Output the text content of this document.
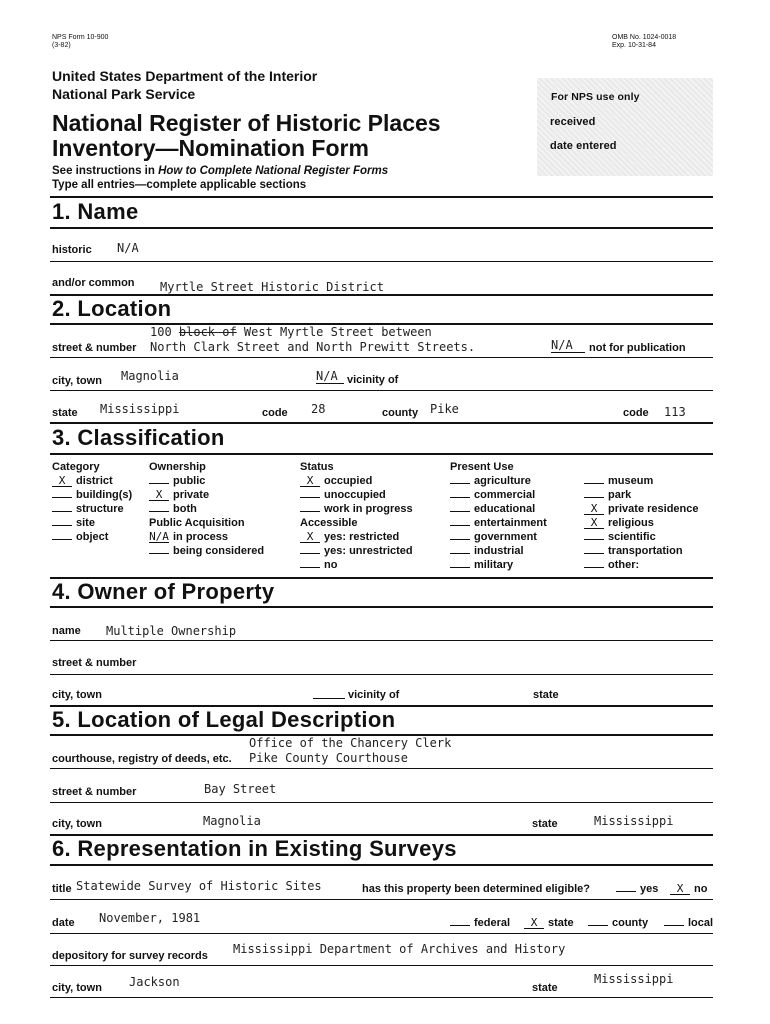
NPS Form 10-900
(3-82)
OMB No. 1024-0018
Exp. 10-31-84
United States Department of the Interior
National Park Service
National Register of Historic Places
Inventory—Nomination Form
See instructions in How to Complete National Register Forms
Type all entries—complete applicable sections
For NPS use only
received
date entered
1. Name
historic N/A
and/or common Myrtle Street Historic District
2. Location
100 block of West Myrtle Street between
street & number North Clark Street and North Prewitt Streets.	N/A	not for publication
city, town Magnolia	N/A vicinity of
state Mississippi	code 28	county Pike	code 113
3. Classification
Category
X district
building(s)
structure
site
object
Ownership
public
X private
both
Public Acquisition
N/A in process
being considered
Status
X occupied
unoccupied
work in progress
Accessible
X yes: restricted
yes: unrestricted
no
Present Use
agriculture
commercial
educational
entertainment
government
industrial
military
museum
park
X private residence
X religious
scientific
transportation
other:
4. Owner of Property
name Multiple Ownership
street & number
city, town	vicinity of	state
5. Location of Legal Description
Office of the Chancery Clerk
courthouse, registry of deeds, etc. Pike County Courthouse
street & number	Bay Street
city, town	Magnolia	state	Mississippi
6. Representation in Existing Surveys
title Statewide Survey of Historic Sites	has this property been determined eligible?	yes	X no
date November, 1981	federal	X state	county	local
depository for survey records Mississippi Department of Archives and History
city, town Jackson	state
Mississippi
